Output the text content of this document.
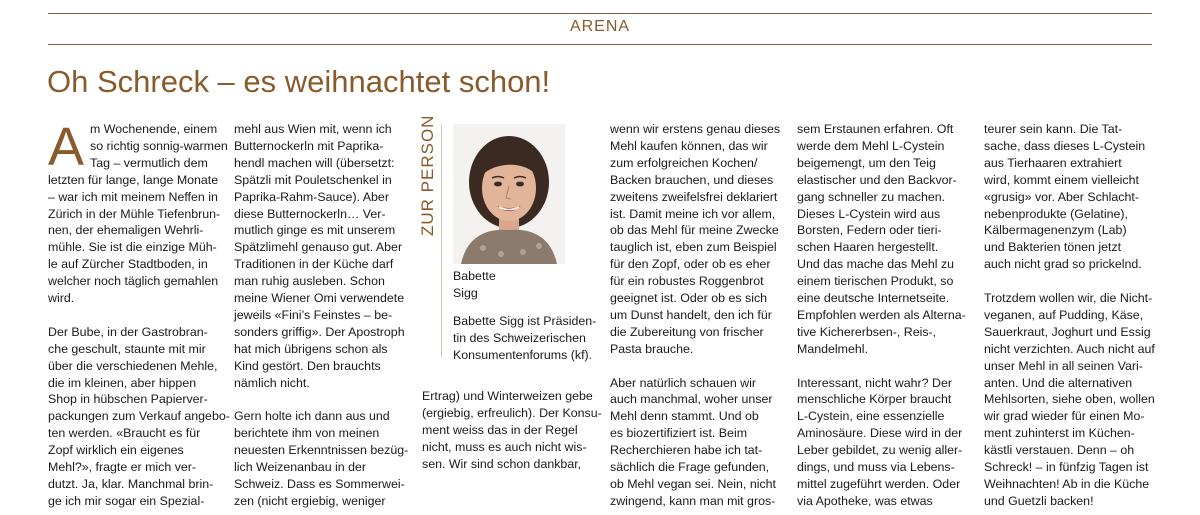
ARENA
Oh Schreck – es weihnachtet schon!
A m Wochenende, einem
so richtig sonnig-warmen
Tag – vermutlich dem
letzten für lange, lange Monate
– war ich mit meinem Neffen in
Zürich in der Mühle Tiefenbrun-
nen, der ehemaligen Wehrli-
mühle. Sie ist die einzige Müh-
le auf Zürcher Stadtboden, in
welcher noch täglich gemahlen
wird.

Der Bube, in der Gastrobran-
che geschult, staunte mit mir
über die verschiedenen Mehle,
die im kleinen, aber hippen
Shop in hübschen Papierver-
packungen zum Verkauf angebo-
ten werden. «Braucht es für
Zopf wirklich ein eigenes
Mehl?», fragte er mich ver-
dutzt. Ja, klar. Manchmal brin-
ge ich mir sogar ein Spezial-

mehl aus Wien mit, wenn ich
Butternockerln mit Paprika-
hendl machen will (übersetzt:
Spätzli mit Pouletschenkel in
Paprika-Rahm-Sauce). Aber
diese Butternockerln… Ver-
mutlich ginge es mit unserem
Spätzlimehl genauso gut. Aber
Traditionen in der Küche darf
man ruhig ausleben. Schon
meine Wiener Omi verwendete
jeweils «Fini’s Feinstes – be-
sonders griffig». Der Apostroph
hat mich übrigens schon als
Kind gestört. Den brauchts
nämlich nicht.

Gern holte ich dann aus und
berichtete ihm von meinen
neuesten Erkenntnissen bezüg-
lich Weizenanbau in der
Schweiz. Dass es Sommerwei-
zen (nicht ergiebig, weniger

ZUR PERSON
Babette
Sigg
Babette Sigg ist Präsiden-
tin des Schweizerischen
Konsumentenforums (kf).

Ertrag) und Winterweizen gebe
(ergiebig, erfreulich). Der Konsu-
ment weiss das in der Regel
nicht, muss es auch nicht wis-
sen. Wir sind schon dankbar,

wenn wir erstens genau dieses
Mehl kaufen können, das wir
zum erfolgreichen Kochen/
Backen brauchen, und dieses
zweitens zweifelsfrei deklariert
ist. Damit meine ich vor allem,
ob das Mehl für meine Zwecke
tauglich ist, eben zum Beispiel
für den Zopf, oder ob es eher
für ein robustes Roggenbrot
geeignet ist. Oder ob es sich
um Dunst handelt, den ich für
die Zubereitung von frischer
Pasta brauche.

Aber natürlich schauen wir
auch manchmal, woher unser
Mehl denn stammt. Und ob
es biozertifiziert ist. Beim
Recherchieren habe ich tat-
sächlich die Frage gefunden,
ob Mehl vegan sei. Nein, nicht
zwingend, kann man mit gros-

sem Erstaunen erfahren. Oft
werde dem Mehl L-Cystein
beigemengt, um den Teig
elastischer und den Backvor-
gang schneller zu machen.
Dieses L-Cystein wird aus
Borsten, Federn oder tieri-
schen Haaren hergestellt.
Und das mache das Mehl zu
einem tierischen Produkt, so
eine deutsche Internetseite.
Empfohlen werden als Alterna-
tive Kichererbsen-, Reis-,
Mandelmehl.

Interessant, nicht wahr? Der
menschliche Körper braucht
L-Cystein, eine essenzielle
Aminosäure. Diese wird in der
Leber gebildet, zu wenig aller-
dings, und muss via Lebens-
mittel zugeführt werden. Oder
via Apotheke, was etwas

teurer sein kann. Die Tat-
sache, dass dieses L-Cystein
aus Tierhaaren extrahiert
wird, kommt einem vielleicht
«grusig» vor. Aber Schlacht-
nebenprodukte (Gelatine),
Kälbermagenenzym (Lab)
und Bakterien tönen jetzt
auch nicht grad so prickelnd.

Trotzdem wollen wir, die Nicht-
veganen, auf Pudding, Käse,
Sauerkraut, Joghurt und Essig
nicht verzichten. Auch nicht auf
unser Mehl in all seinen Vari-
anten. Und die alternativen
Mehlsorten, siehe oben, wollen
wir grad wieder für einen Mo-
ment zuhinterst im Küchen-
kästli verstauen. Denn – oh
Schreck! – in fünfzig Tagen ist
Weihnachten! Ab in die Küche
und Guetzli backen!
